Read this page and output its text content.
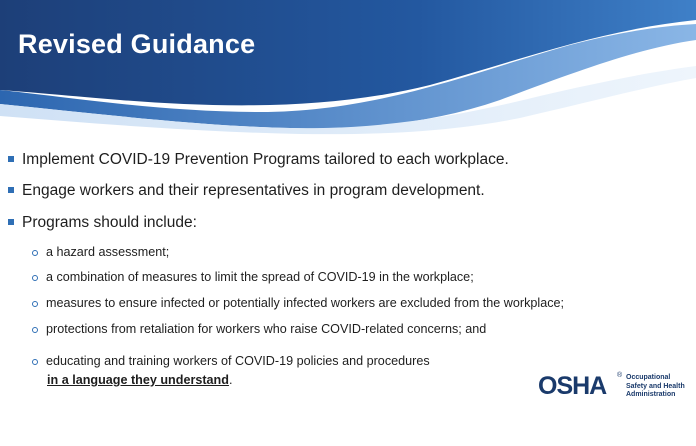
Revised Guidance
Implement COVID-19 Prevention Programs tailored to each workplace.
Engage workers and their representatives in program development.
Programs should include:
a hazard assessment;
a combination of measures to limit the spread of COVID-19 in the workplace;
measures to ensure infected or potentially infected workers are excluded from the workplace;
protections from retaliation for workers who raise COVID-related concerns; and
educating and training workers of COVID-19 policies and procedures
in a language they understand.	OSHA ® Occupational Safety and Health Administration
